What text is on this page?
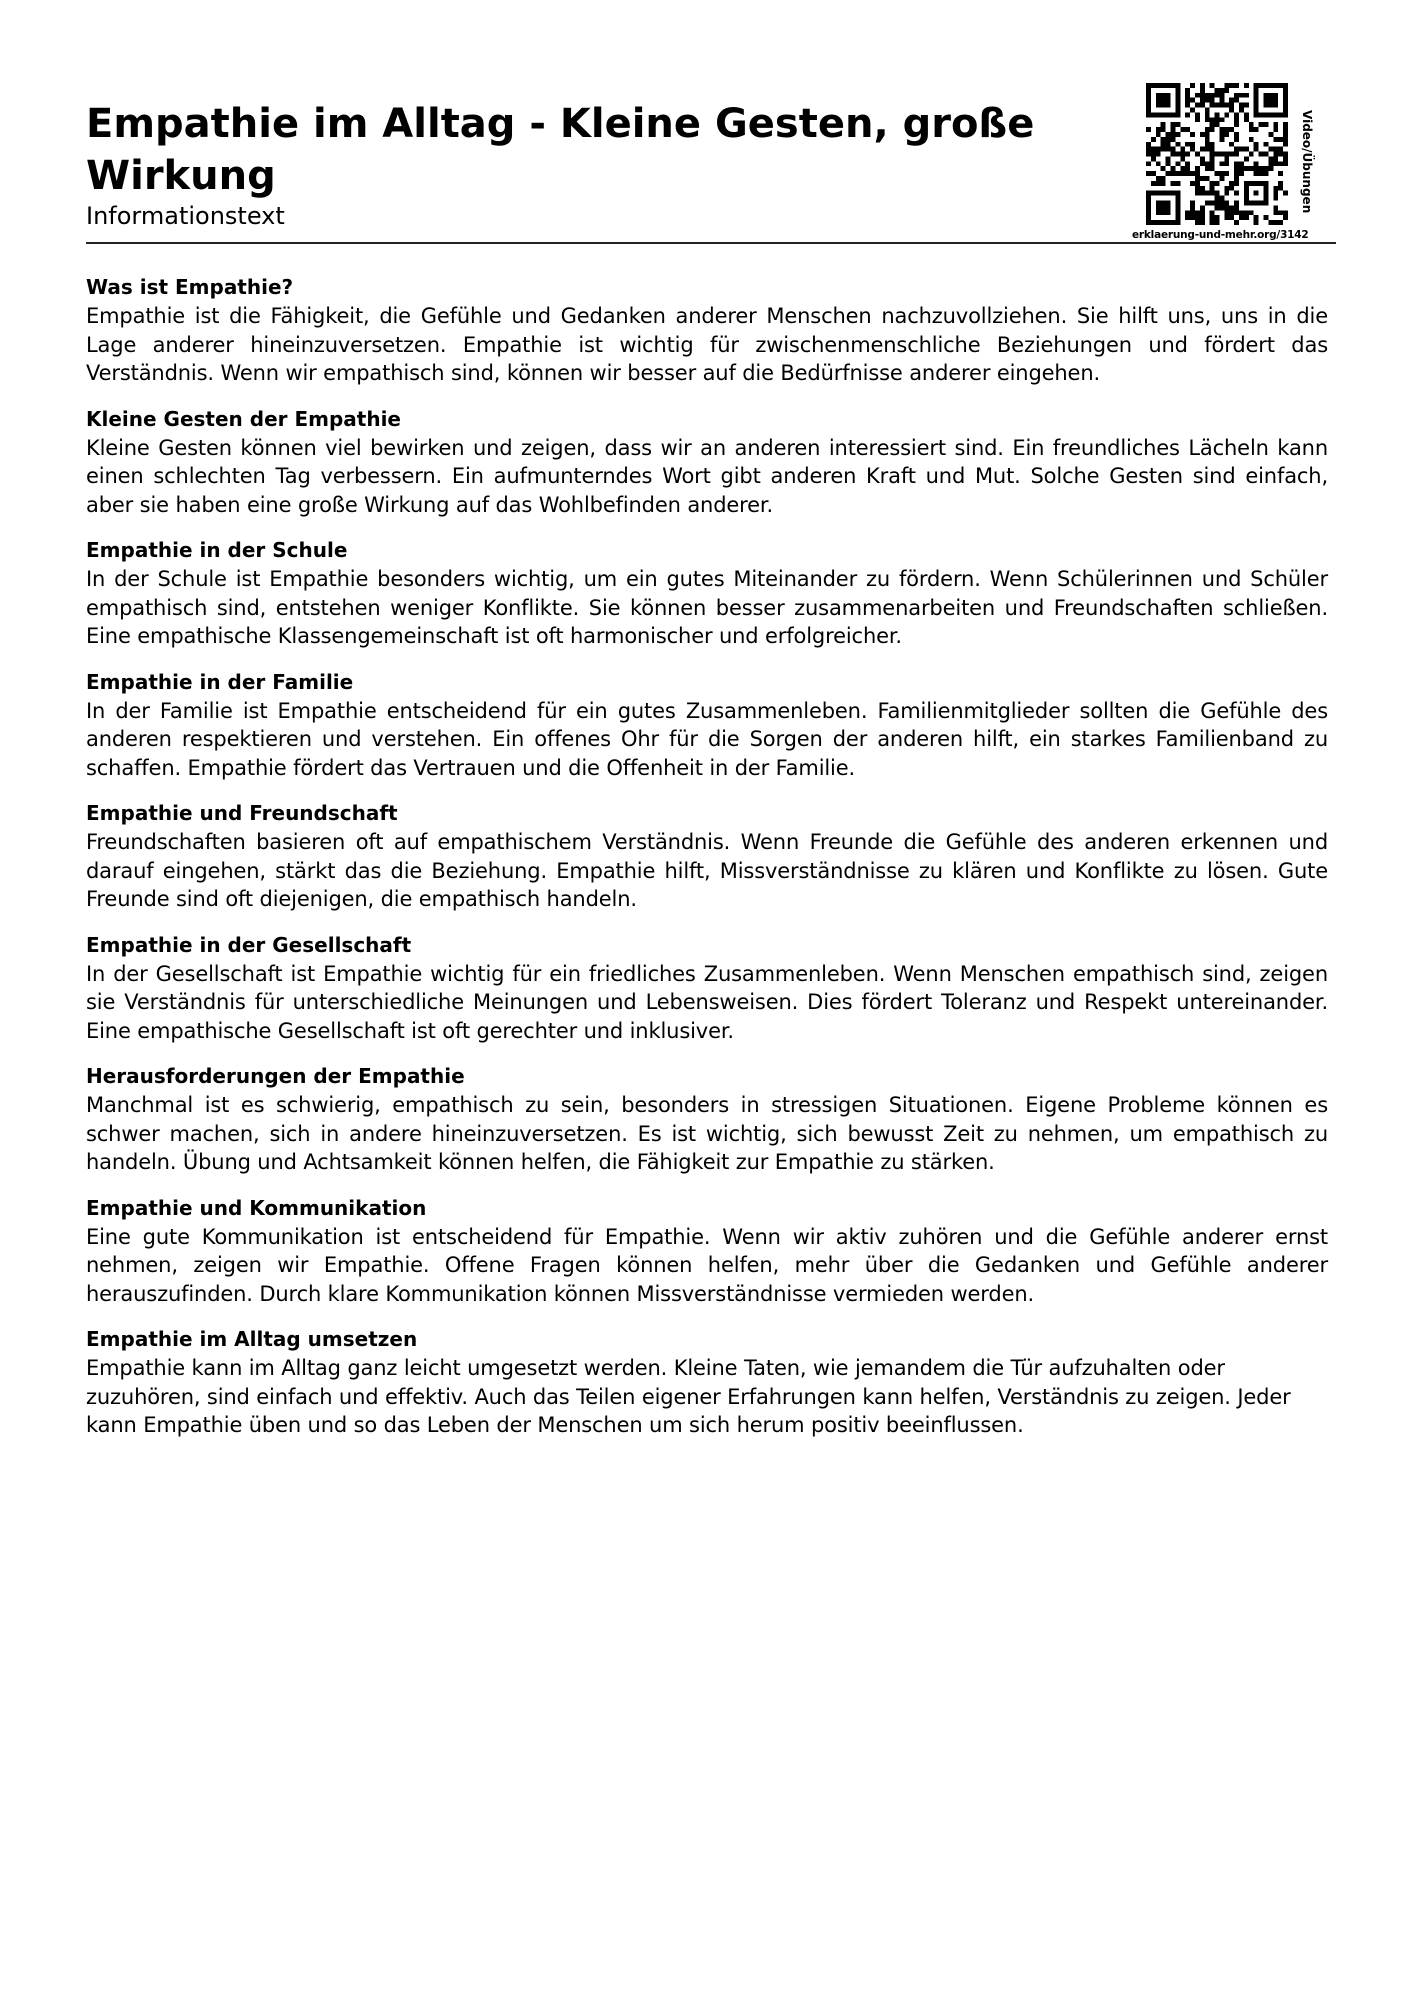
Empathie im Alltag - Kleine Gesten, große Wirkung
Informationstext
erklaerung-und-mehr.org/3142
Video/Übungen
Was ist Empathie?

Empathie ist die Fähigkeit, die Gefühle und Gedanken anderer Menschen nachzuvollziehen. Sie hilft uns, uns in die Lage anderer hineinzuversetzen. Empathie ist wichtig für zwischenmenschliche Beziehungen und fördert das Verständnis. Wenn wir empathisch sind, können wir besser auf die Bedürfnisse anderer eingehen.

Kleine Gesten der Empathie

Kleine Gesten können viel bewirken und zeigen, dass wir an anderen interessiert sind. Ein freundliches Lächeln kann einen schlechten Tag verbessern. Ein aufmunterndes Wort gibt anderen Kraft und Mut. Solche Gesten sind einfach, aber sie haben eine große Wirkung auf das Wohlbefinden anderer.

Empathie in der Schule

In der Schule ist Empathie besonders wichtig, um ein gutes Miteinander zu fördern. Wenn Schülerinnen und Schüler empathisch sind, entstehen weniger Konflikte. Sie können besser zusammenarbeiten und Freundschaften schließen. Eine empathische Klassengemeinschaft ist oft harmonischer und erfolgreicher.

Empathie in der Familie

In der Familie ist Empathie entscheidend für ein gutes Zusammenleben. Familienmitglieder sollten die Gefühle des anderen respektieren und verstehen. Ein offenes Ohr für die Sorgen der anderen hilft, ein starkes Familienband zu schaffen. Empathie fördert das Vertrauen und die Offenheit in der Familie.

Empathie und Freundschaft

Freundschaften basieren oft auf empathischem Verständnis. Wenn Freunde die Gefühle des anderen erkennen und darauf eingehen, stärkt das die Beziehung. Empathie hilft, Missverständnisse zu klären und Konflikte zu lösen. Gute Freunde sind oft diejenigen, die empathisch handeln.

Empathie in der Gesellschaft

In der Gesellschaft ist Empathie wichtig für ein friedliches Zusammenleben. Wenn Menschen empathisch sind, zeigen sie Verständnis für unterschiedliche Meinungen und Lebensweisen. Dies fördert Toleranz und Respekt untereinander. Eine empathische Gesellschaft ist oft gerechter und inklusiver.

Herausforderungen der Empathie

Manchmal ist es schwierig, empathisch zu sein, besonders in stressigen Situationen. Eigene Probleme können es schwer machen, sich in andere hineinzuversetzen. Es ist wichtig, sich bewusst Zeit zu nehmen, um empathisch zu handeln. Übung und Achtsamkeit können helfen, die Fähigkeit zur Empathie zu stärken.

Empathie und Kommunikation

Eine gute Kommunikation ist entscheidend für Empathie. Wenn wir aktiv zuhören und die Gefühle anderer ernst nehmen, zeigen wir Empathie. Offene Fragen können helfen, mehr über die Gedanken und Gefühle anderer herauszufinden. Durch klare Kommunikation können Missverständnisse vermieden werden.

Empathie im Alltag umsetzen

Empathie kann im Alltag ganz leicht umgesetzt werden. Kleine Taten, wie jemandem die Tür aufzuhalten oder zuzuhören, sind einfach und effektiv. Auch das Teilen eigener Erfahrungen kann helfen, Verständnis zu zeigen. Jeder kann Empathie üben und so das Leben der Menschen um sich herum positiv beeinflussen.
